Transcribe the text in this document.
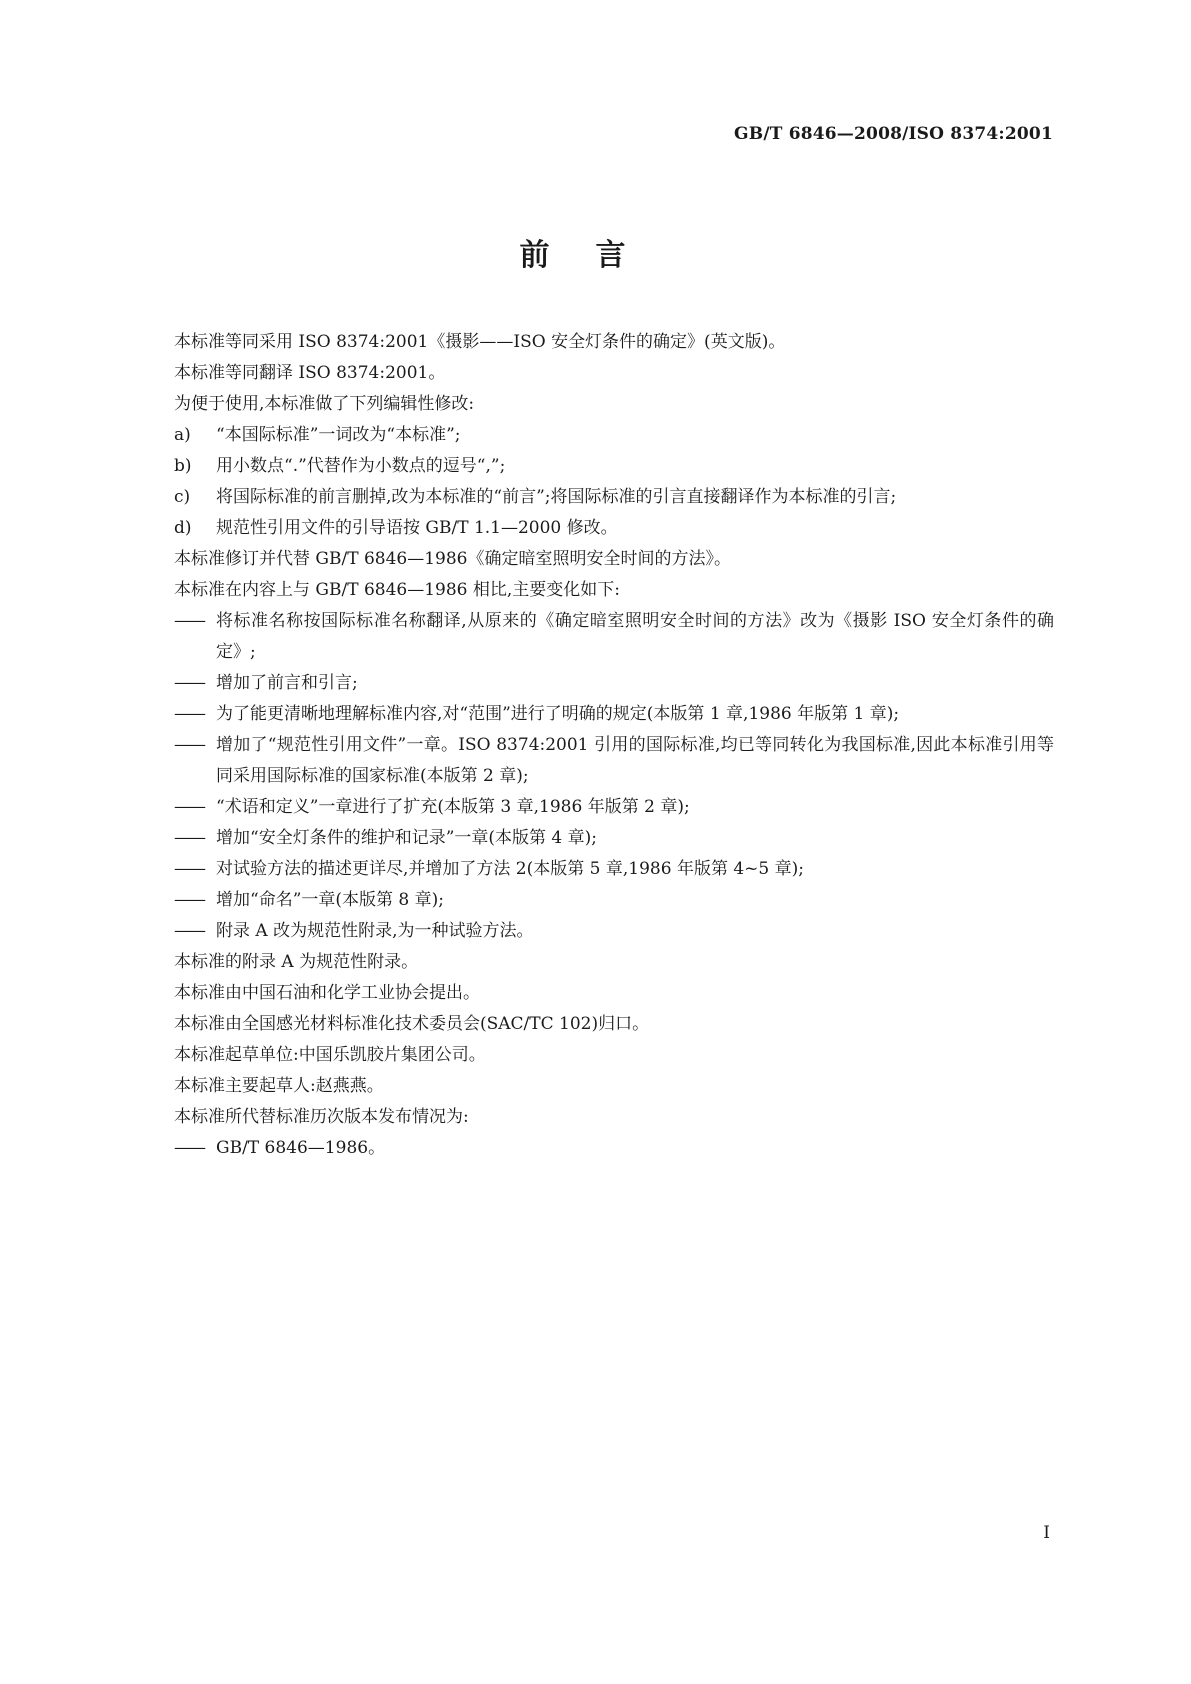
GB/T 6846—2008/ISO 8374:2001
前言
本标准等同采用 ISO 8374:2001《摄影——ISO 安全灯条件的确定》(英文版)。
本标准等同翻译 ISO 8374:2001。
为便于使用,本标准做了下列编辑性修改:
a)	“本国际标准”一词改为“本标准”;
b)	用小数点“.”代替作为小数点的逗号“,”;
c)	将国际标准的前言删掉,改为本标准的“前言”;将国际标准的引言直接翻译作为本标准的引言;
d)	规范性引用文件的引导语按 GB/T 1.1—2000 修改。
本标准修订并代替 GB/T 6846—1986《确定暗室照明安全时间的方法》。
本标准在内容上与 GB/T 6846—1986 相比,主要变化如下:
—— 将标准名称按国际标准名称翻译,从原来的《确定暗室照明安全时间的方法》改为《摄影 ISO 安全灯条件的确定》;
—— 增加了前言和引言;
—— 为了能更清晰地理解标准内容,对“范围”进行了明确的规定(本版第 1 章,1986 年版第 1 章);
—— 增加了“规范性引用文件”一章。ISO 8374:2001 引用的国际标准,均已等同转化为我国标准,因此本标准引用等同采用国际标准的国家标准(本版第 2 章);
—— “术语和定义”一章进行了扩充(本版第 3 章,1986 年版第 2 章);
—— 增加“安全灯条件的维护和记录”一章(本版第 4 章);
—— 对试验方法的描述更详尽,并增加了方法 2(本版第 5 章,1986 年版第 4~5 章);
—— 增加“命名”一章(本版第 8 章);
—— 附录 A 改为规范性附录,为一种试验方法。
本标准的附录 A 为规范性附录。
本标准由中国石油和化学工业协会提出。
本标准由全国感光材料标准化技术委员会(SAC/TC 102)归口。
本标准起草单位:中国乐凯胶片集团公司。
本标准主要起草人:赵燕燕。
本标准所代替标准历次版本发布情况为:
—— GB/T 6846—1986。
I
